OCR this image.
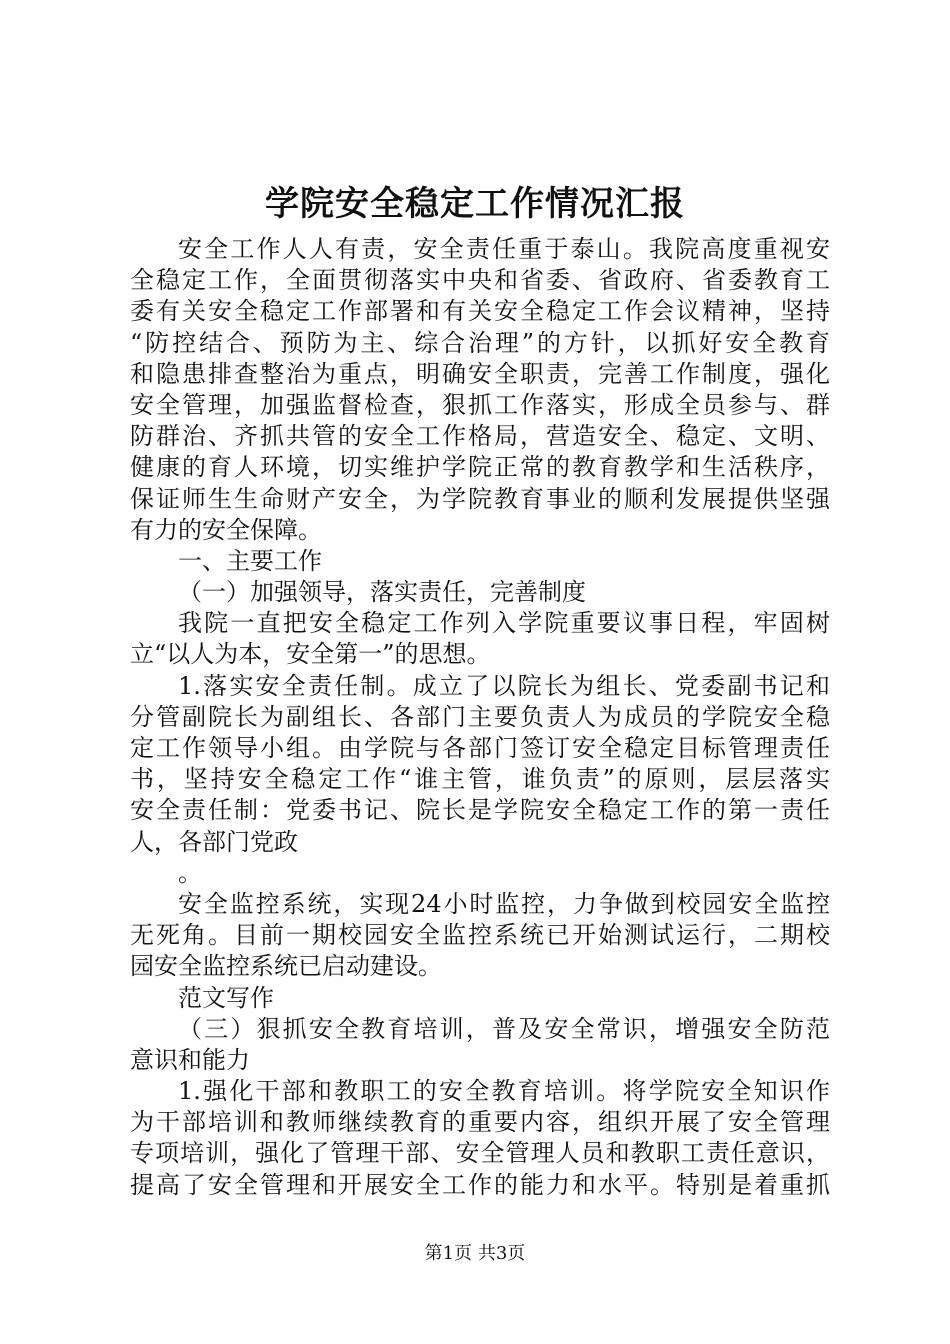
学院安全稳定工作情况汇报
安全工作人人有责，安全责任重于泰山。我院高度重视安
全稳定工作，全面贯彻落实中央和省委、省政府、省委教育工
委有关安全稳定工作部署和有关安全稳定工作会议精神，坚持
“防控结合、预防为主、综合治理”的方针，以抓好安全教育
和隐患排查整治为重点，明确安全职责，完善工作制度，强化
安全管理，加强监督检查，狠抓工作落实，形成全员参与、群
防群治、齐抓共管的安全工作格局，营造安全、稳定、文明、
健康的育人环境，切实维护学院正常的教育教学和生活秩序，
保证师生生命财产安全，为学院教育事业的顺利发展提供坚强
有力的安全保障。
一、主要工作
（一）加强领导，落实责任，完善制度
我院一直把安全稳定工作列入学院重要议事日程，牢固树
立“以人为本，安全第一”的思想。
1.落实安全责任制。成立了以院长为组长、党委副书记和
分管副院长为副组长、各部门主要负责人为成员的学院安全稳
定工作领导小组。由学院与各部门签订安全稳定目标管理责任
书，坚持安全稳定工作“谁主管，谁负责”的原则，层层落实
安全责任制：党委书记、院长是学院安全稳定工作的第一责任
人，各部门党政
。
安全监控系统，实现24小时监控，力争做到校园安全监控
无死角。目前一期校园安全监控系统已开始测试运行，二期校
园安全监控系统已启动建设。
范文写作
（三）狠抓安全教育培训，普及安全常识，增强安全防范
意识和能力
1.强化干部和教职工的安全教育培训。将学院安全知识作
为干部培训和教师继续教育的重要内容，组织开展了安全管理
专项培训，强化了管理干部、安全管理人员和教职工责任意识，
提高了安全管理和开展安全工作的能力和水平。特别是着重抓
第1页 共3页
